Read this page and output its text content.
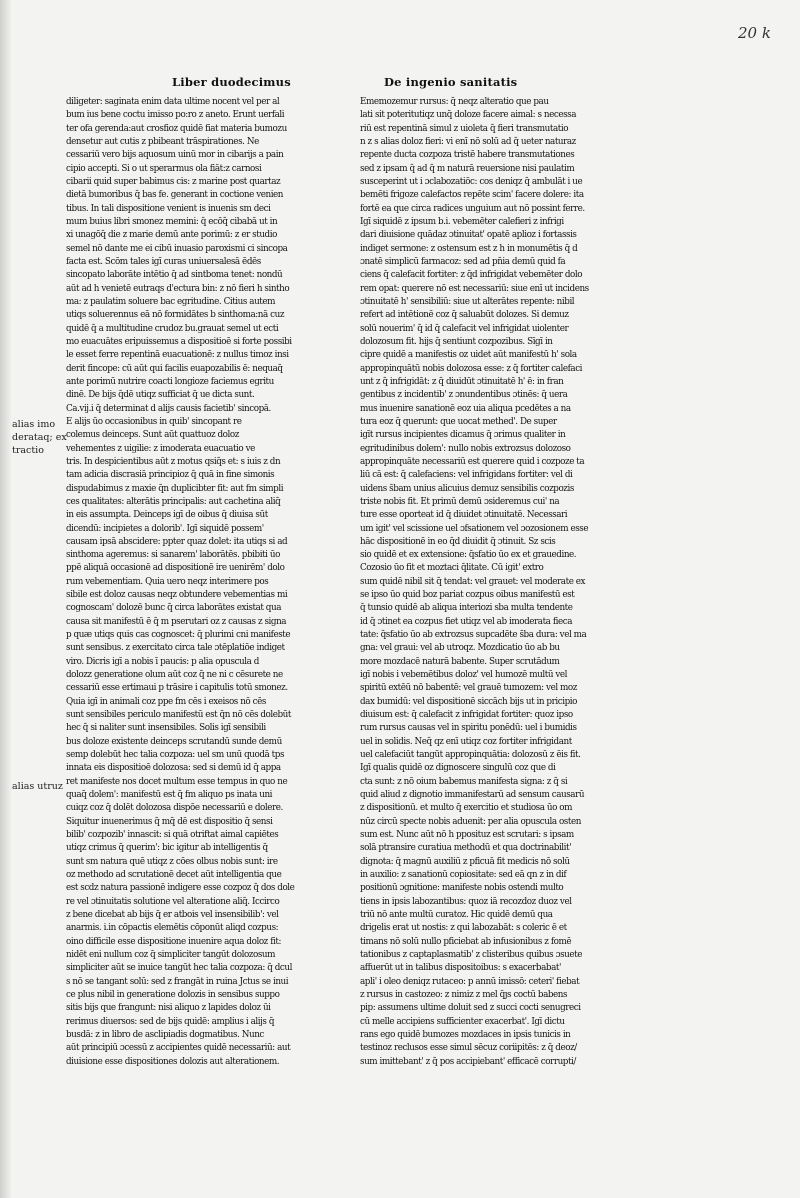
20 k
Liber duodecimus	De ingenio sanitatis
alias imo
derataq; ex
tractio
alias utruz
diligeter: saginata enim data ultime nocent vel per al
bum ius bene coctu imisso po:ro z aneto. Erunt uerfali
ter ofa gerenda:aut crosfioz quidē fiat materia bumozu
densetur aut cutis z pbibeant trāspirationes. Ne
cessariū vero bijs aquosum uinū mor in cibarijs a pain
cipio accepti. Si o ut sperarmus ola fiāt:z carnosi
cibarii quid super babimus cis: z marine post quartaz
dietā bumoribus q̄ bas fe. generant in coctione venien
tibus. In tali dispositione venient is inuenis sm deci
mum buius libri smonez memini: q̄ ecōq̄ cibabā ut in
xi unagōq̄ die z marie demū ante porimū: z er studio
semel nō dante me ei cibū inuasio paroxismi ci sincopa
facta est. Scōm tales igī curas uniuersalesā ēdēs
sincopato laborāte intētio q̄ ad sintboma tenet: nondū
aūt ad h venietē eutraqs d'ectura bin: z nō fieri h sintho
ma: z paulatim soluere bac egritudine. Citius autem
utiqs soluerennus eā nō formidātes b sinthoma:nā cuz
quidē q̄ a multitudine crudoz bu.grauat semel ut ecti
mo euacuātes eripuissemus a dispositioē si forte possibi
le esset ferre repentinā euacuationē: z nullus timoz insi
derit fincope: cū aūt qui facilis euapozabilis ē: nequaq̄
ante porimū nutrire coacti longioze faciemus egritu
dinē. De bijs q̄dē utiqz sufficiat q̄ ue dicta sunt.
Ca.vij.i q̄ determinat d̄ alijs causis facietib' sincopā.
E alijs ūo occasionibus in quib' sincopant re
colemus deinceps. Sunt aūt quattuoz doloz
vehementes z uigilie: z imoderata euacuatio ve
tris. In despicientibus aūt z motus qsiq̄s et: s iuis z dn
tam adicia discrasiā principioz q̄ quā in fine simonis
dispudabimus z maxie q̄n duplicibter fit: aut fm simpli
ces qualitates: alterātis principalis: aut cachetina aliq̄
in eis assumpta. Deinceps igī de oibus q̄ diuisa sūt
dicendū: incipietes a dolorib'. Igī siquidē possem'
causam ipsā abscidere: ppter quaz dolet: ita utiqs si ad
sinthoma ageremus: si sanarem' laborātēs. pbibiti ūo
ppē aliquā occasionē ad dispositionē ire uenirēm' dolo
rum vebementiam. Quia uero neqz interimere pos
sibile est doloz causas neqz obtundere vebementias mi
cognoscam' dolozē bunc q̄ circa laborātes existat qua
causa sit manifestū ē q̄ m pserutari oz z causas z signa
p quæ utiqs quis cas cognoscet: q̄ plurimi cni manifeste
sunt sensibus. z exercitato circa tale ɔtēplatiōe indiget
viro. Dicris igī a nobis ī paucis: p alia opuscula d
dolozz generatione olum aūt coz q̄ ne ni c cēsurete ne
cessariū esse ertimaui p trāsire i capitulis totū smonez.
Quia igī in animali coz ppe fm cēs i exeisos nō cēs
sunt sensibiles periculo manifestū est q̄n nō cēs dolebūt
hec q̄ si naliter sunt insensibiles. Solis igī sensibili
bus doloze existente deinceps scrutandū sunde demū
semp dolebūt hec talia cozpoza: uel sm unū quodā tps
innata eis dispositioē dolozosa: sed si demū id q̄ appa
ret manifeste nos docet multum esse tempus in quo ne
quaq̄ dolem': manifestū est q̄ fm aliquo ps inata uni
cuiqz coz q̄ dolēt dolozosa dispōe necessariū e dolere.
Siquitur inuenerimus q̄ mq̄ dē est dispositio q̄ sensi
bilib' cozpozib' innascit: si quā otriftat aimal capiētes
utiqz crimus q̄ querim': bic igitur ab intelligentis q̄
sunt sm natura quē utiqz z cōes olbus nobis sunt: ire
oz methodo ad scrutationē decet aūt intelligentia que
est scdz natura passionē indigere esse cozpoz q̄ dos dole
re vel ɔtinuitatis solutione vel alteratione aliq̄. Iccirco
z bene dicebat ab bijs q̄ er atbois vel insensibilib': vel
anarmis. i.in cōpactis elemētis cōponūt aliqd cozpus:
oino difficile esse dispositione inuenire aqua doloz fit:
nidēt eni nullum coz q̄ simpliciter tangūt dolozosum
simpliciter aūt se inuice tangūt hec talia cozpoza: q̄ dcul
s nō se tangant solū: sed z frangāt in ruina Jctus se inui
ce plus nibil in generatione dolozis in sensibus suppo
sitis bijs que frangunt: nisi aliquo z lapides doloz ūi
rerimus diuersos: sed de bijs quidē: amplius i alijs q̄
busdā: z in libro de asclipiadis dogmatibus. Nunc
aūt principiū ɔcessū z accipientes quidē necessariū: aut
diuisione esse dispositiones dolozis aut alterationem.
Ememozemur rursus: q̄ neqz alteratio que pau
lati sit poteritutiqz unq̄ doloze facere aimal: s necessa
riū est repentinā simul z uioleta q̄ fieri transmutatio
n z s alias doloz fieri: vi enī nō solū ad q̄ ueter naturaz
repente ducta cozpoza tristē habere transmutationes
sed z ipsam q̄ ad q̄ m naturā reuersione nisi paulatim
susceperint ut i ɔclabozatiōc: cos deniqz q̄ ambulāt i ue
bemēti frigoze calefactos repēte scim' facere dolere: ita
fortē ea que circa radices unguium aut nō possint ferre.
Igī siquidē z ipsum b.i. vebemēter calefieri z infrigi
dari diuisione quādaz ɔtinuitat' opatē aplioz i fortassis
indiget sermone: z ostensum est z h in monumētis q̄ d
ɔnatē simplicū farmacoz: sed ad pn̄ia demū quid fa
ciens q̄ calefacit fortiter: z q̄d infrigidat vebemēter dolo
rem opat: querere nō est necessariū: siue enī ut incidens
ɔtinuitatē h' sensibiliū: siue ut alterātes repente: nibil
refert ad intētionē coz q̄ saluabūt dolozes. Si demuz
solū nouerim' q̄ id q̄ calefacit vel infrigidat uiolenter
dolozosum fit. hijs q̄ sentiunt cozpozibus. Sīgī in
cipre quidē a manifestis oz uidet aūt manifestū h' sola
appropinquātū nobis dolozosa esse: z q̄ fortiter calefaci
unt z q̄ infrigidāt: z q̄ diuidūt ɔtinuitatē h' ē: in fran
gentibus z incidentib' z ɔnundentibus ɔtinēs: q̄ uera
mus inuenire sanationē eoz uia aliqua pcedētes a na
tura eoz q̄ querunt: que uocat methed'. De super
igīt rursus incipientes dicamus q̄ ɔrimus qualiter in
egritudinibus dolem': nullo nobis extrozsus dolozoso
appropinquāte necessariū est querere quid i cozpoze ta
liū cā est: q̄ calefaciens: vel infrigidans fortiter: vel di
uidens s̄bam unius alicuius demuz sensibilis cozpozis
triste nobis fit. Et primū demū ɔsideremus cui' na
ture esse oporteat id q̄ diuidet ɔtinuitatē. Necessari
um igit' vel scissione uel ɔfsationem vel ɔozosionem esse
hāc dispositionē in eo q̄d diuidit q̄ ɔtinuit. Sz scis
sio quidē et ex extensione: q̄sfatio ūo ex et grauedine.
Cozosio ūo fit et moztaci q̄litate. Cū igit' extro
sum quidē nibil sit q̄ tendat: vel grauet: vel moderate ex
se ipso ūo quid boz pariat cozpus oibus manifestū est
q̄ tunsio quidē ab aliqua interiozi sba multa tendente
id q̄ ɔtinet ea cozpus fiet utiqz vel ab imoderata fieca
tate: q̄sfatio ūo ab extrozsus supcadēte s̄ba dura: vel ma
gna: vel graui: vel ab utroqz. Mozdicatio ūo ab bu
more mozdacē naturā babente. Super scrutādum
igī nobis i vebemētibus doloz' vel humozē multū vel
spiritū extēū nō babentē: vel grauē tumozem: vel moz
dax bumidū: vel dispositionē siccāch bijs ut in pricipio
diuisum est: q̄ calefacit z infrigidat fortiter: quoz ipso
rum rursus causas vel in spiritu ponēdū: uel i bumidis
uel in solidis. Neq̄ qz enī utiqz coz fortiter infrigidant
uel calefaciūt tangūt appropinquātia: dolozosū z ēis fit.
Igī qualis quidē oz dignoscere singulū coz que di
cta sunt: z nō oium babemus manifesta signa: z q̄ si
quid aliud z dignotio immanifestarū ad sensum causarū
z dispositionū. et multo q̄ exercitio et studiosa ūo om
nūz circū specte nobis aduenit: per alia opuscula osten
sum est. Nunc aūt nō h pposituz est scrutari: s ipsam
solā ptransire curatiua methodū et qua doctrinabilit'
dignota: q̄ magnū auxiliū z pficuā fit medicis nō solū
in auxilio: z sanationū copiositate: sed eā qn z in dif
positionū ɔgnitione: manifeste nobis ostendi multo
tiens in ipsis labozantibus: quoz iā recozdoz duoz vel
triū nō ante multū curatoz. Hic quidē demū qua
drigelis erat ut nostis: z qui labozabāt: s coleric ē et
timans nō solū nullo pficiebat ab infusionibus z fomē
tationibus z captaplasmatib' z clisteribus quibus ɔsuete
affuerūt ut in talibus dispositoibus: s exacerbabat'
apli' i oleo deniqz rutaceo: p annū imissō: ceteri' fiebat
z rursus in castozeo: z nimiz z mel q̄ȷs coctū babens
pip: assumens ultime doluit sed z succi cocti senugreci
cū melle accipiens sufficienter exacerbat'. Igī dictu
rans ego quidē bumozes mozdaces in ipsis tunicis in
testinoz reclusos esse simul sēcuz coriipitēs: z q̄ deoz/
sum imittebant' z q̄ pos accipiebant' efficacē corrupti/
